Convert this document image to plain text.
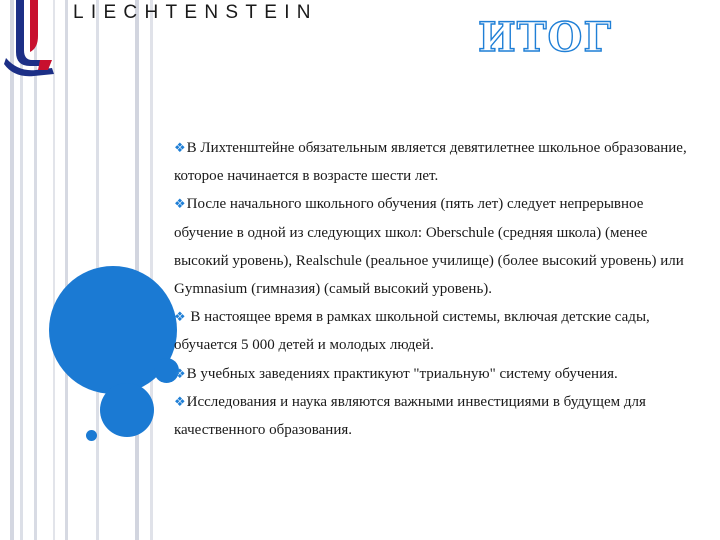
LIECHTENSTEIN
ИТОГ

❖В Лихтенштейне обязательным является девятилетнее школьное образование, которое начинается в возрасте шести лет.

❖После начального школьного обучения (пять лет) следует непрерывное обучение в одной из следующих школ: Oberschule (средняя школа) (менее высокий уровень), Realschule (реальное училище) (более высокий уровень) или Gymnasium (гимназия) (самый высокий уровень).

❖ В настоящее время в рамках школьной системы, включая детские сады, обучается 5 000 детей и молодых людей.

❖В учебных заведениях практикуют "триальную" систему обучения.

❖Исследования и наука являются важными инвестициями в будущем для качественного образования.
